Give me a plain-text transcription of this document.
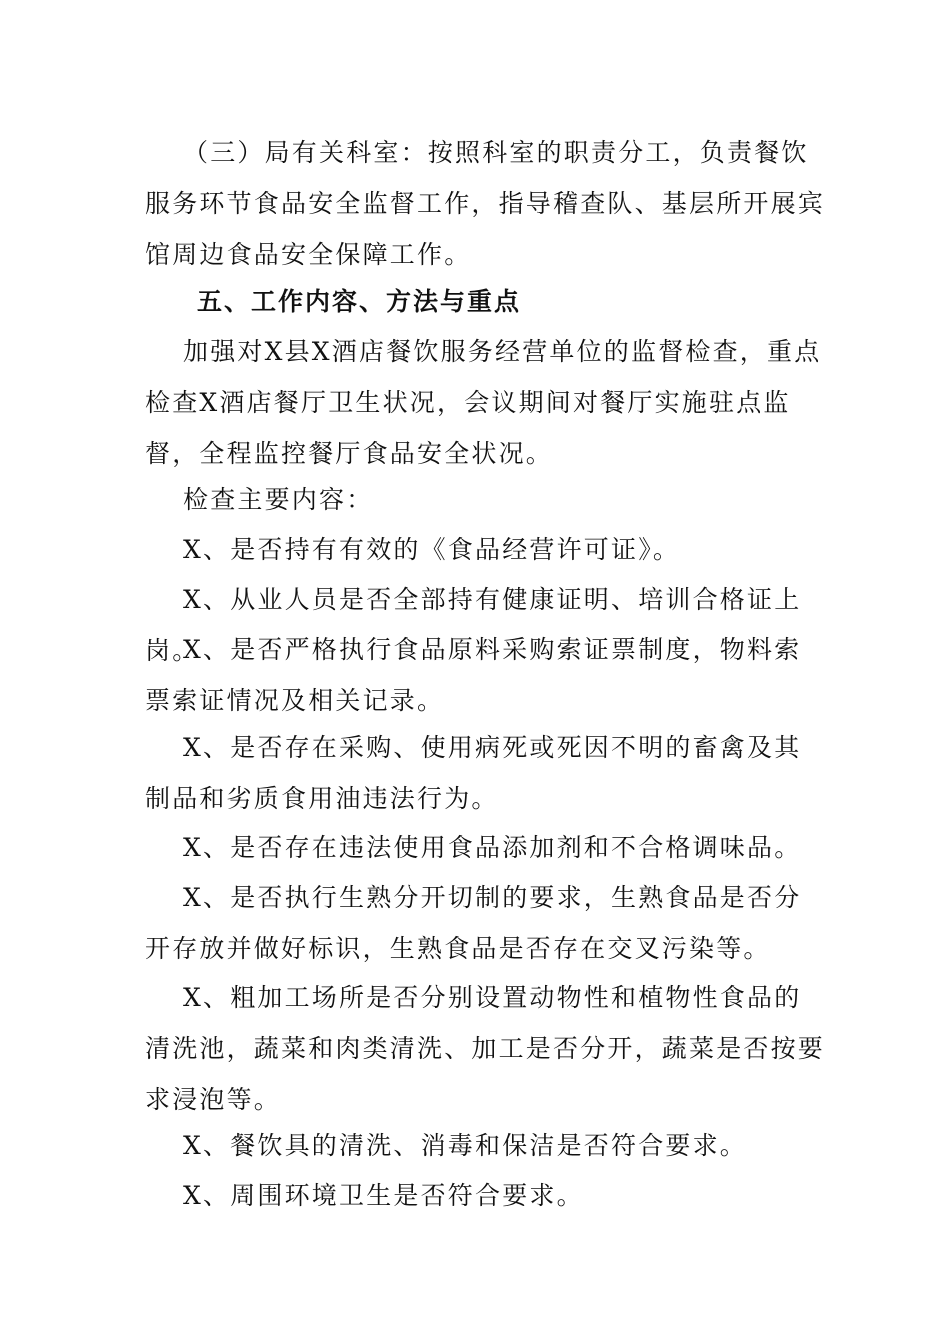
（三）局有关科室：按照科室的职责分工，负责餐饮服务环节食品安全监督工作，指导稽查队、基层所开展宾馆周边食品安全保障工作。

五、工作内容、方法与重点

加强对X县X酒店餐饮服务经营单位的监督检查，重点检查X酒店餐厅卫生状况，会议期间对餐厅实施驻点监督，全程监控餐厅食品安全状况。

检查主要内容：

X、是否持有有效的《食品经营许可证》。

X、从业人员是否全部持有健康证明、培训合格证上岗。

X、是否严格执行食品原料采购索证票制度，物料索票索证情况及相关记录。

X、是否存在采购、使用病死或死因不明的畜禽及其制品和劣质食用油违法行为。

X、是否存在违法使用食品添加剂和不合格调味品。

X、是否执行生熟分开切制的要求，生熟食品是否分开存放并做好标识，生熟食品是否存在交叉污染等。

X、粗加工场所是否分别设置动物性和植物性食品的清洗池，蔬菜和肉类清洗、加工是否分开，蔬菜是否按要求浸泡等。

X、餐饮具的清洗、消毒和保洁是否符合要求。

X、周围环境卫生是否符合要求。
